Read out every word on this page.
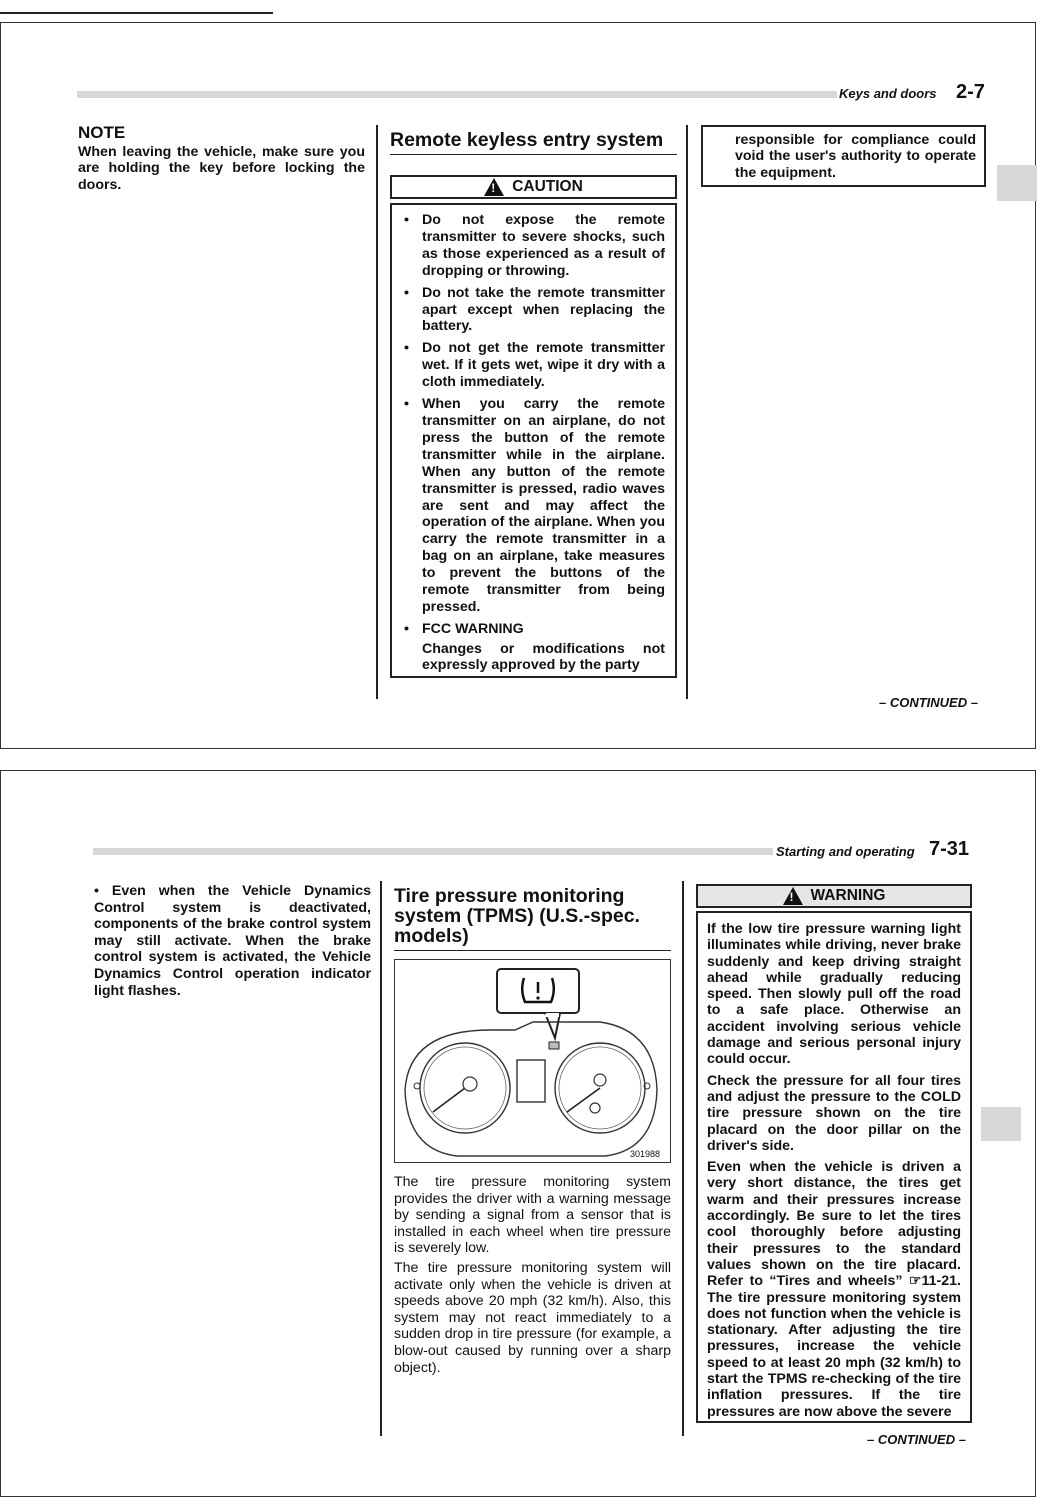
Keys and doors 2-7
NOTE
When leaving the vehicle, make sure you are holding the key before locking the doors.
Remote keyless entry system
!
CAUTION
• Do not expose the remote transmitter to severe shocks, such as those experienced as a result of dropping or throwing.
• Do not take the remote transmitter apart except when replacing the battery.
• Do not get the remote transmitter wet. If it gets wet, wipe it dry with a cloth immediately.
• When you carry the remote transmitter on an airplane, do not press the button of the remote transmitter while in the airplane. When any button of the remote transmitter is pressed, radio waves are sent and may affect the operation of the airplane. When you carry the remote transmitter in a bag on an airplane, take measures to prevent the buttons of the remote transmitter from being pressed.
• FCC WARNING

Changes or modifications not expressly approved by the party

responsible for compliance could void the user's authority to operate the equipment.

– CONTINUED –
Starting and operating 7-31
• Even when the Vehicle Dynamics Control system is deactivated, components of the brake control system may still activate. When the brake control system is activated, the Vehicle Dynamics Control operation indicator light flashes.
Tire pressure monitoring system (TPMS) (U.S.-spec. models)
301988

The tire pressure monitoring system provides the driver with a warning message by sending a signal from a sensor that is installed in each wheel when tire pressure is severely low.

The tire pressure monitoring system will activate only when the vehicle is driven at speeds above 20 mph (32 km/h). Also, this system may not react immediately to a sudden drop in tire pressure (for example, a blow-out caused by running over a sharp object).

!
WARNING

If the low tire pressure warning light illuminates while driving, never brake suddenly and keep driving straight ahead while gradually reducing speed. Then slowly pull off the road to a safe place. Otherwise an accident involving serious vehicle damage and serious personal injury could occur.

Check the pressure for all four tires and adjust the pressure to the COLD tire pressure shown on the tire placard on the door pillar on the driver's side.

Even when the vehicle is driven a very short distance, the tires get warm and their pressures increase accordingly. Be sure to let the tires cool thoroughly before adjusting their pressures to the standard values shown on the tire placard. Refer to “Tires and wheels” ☞11-21. The tire pressure monitoring system does not function when the vehicle is stationary. After adjusting the tire pressures, increase the vehicle speed to at least 20 mph (32 km/h) to start the TPMS re-checking of the tire inflation pressures. If the tire pressures are now above the severe

– CONTINUED –
